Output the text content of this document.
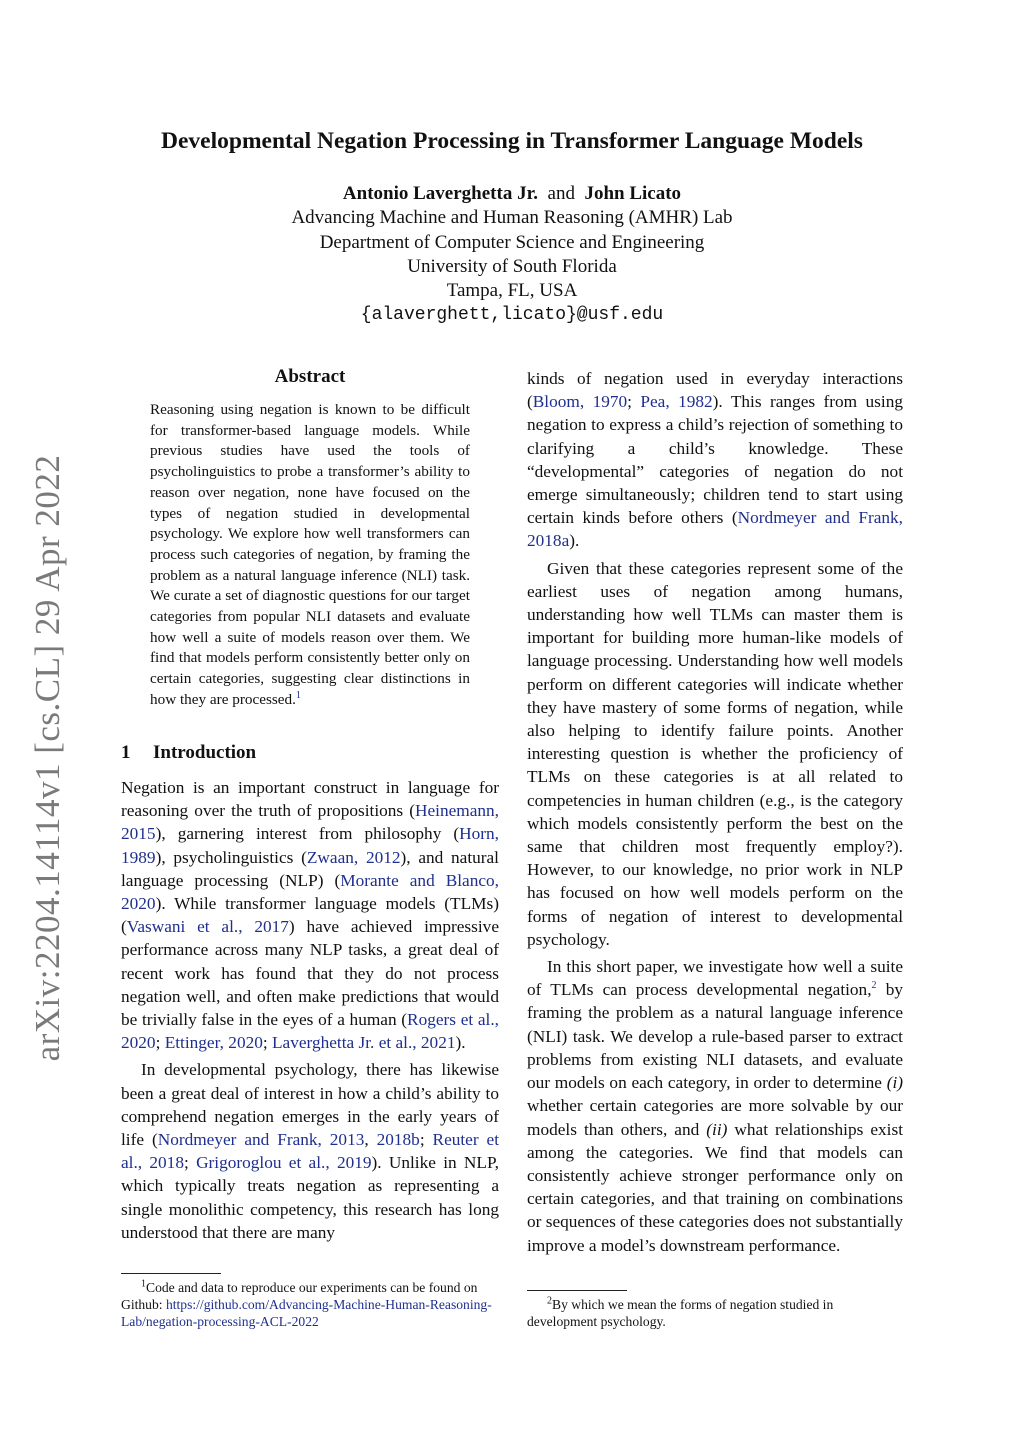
arXiv:2204.14114v1 [cs.CL] 29 Apr 2022
Developmental Negation Processing in Transformer Language Models
Antonio Laverghetta Jr. and John Licato
Advancing Machine and Human Reasoning (AMHR) Lab
Department of Computer Science and Engineering
University of South Florida
Tampa, FL, USA
{alaverghett,licato}@usf.edu
Abstract
Reasoning using negation is known to be difficult for transformer-based language models. While previous studies have used the tools of psycholinguistics to probe a transformer’s ability to reason over negation, none have focused on the types of negation studied in developmental psychology. We explore how well transformers can process such categories of negation, by framing the problem as a natural language inference (NLI) task. We curate a set of diagnostic questions for our target categories from popular NLI datasets and evaluate how well a suite of models reason over them. We find that models perform consistently better only on certain categories, suggesting clear distinctions in how they are processed.$^1$
1 Introduction

Negation is an important construct in language for reasoning over the truth of propositions (Heinemann, 2015), garnering interest from philosophy (Horn, 1989), psycholinguistics (Zwaan, 2012), and natural language processing (NLP) (Morante and Blanco, 2020). While transformer language models (TLMs) (Vaswani et al., 2017) have achieved impressive performance across many NLP tasks, a great deal of recent work has found that they do not process negation well, and often make predictions that would be trivially false in the eyes of a human (Rogers et al., 2020; Ettinger, 2020; Laverghetta Jr. et al., 2021).

In developmental psychology, there has likewise been a great deal of interest in how a child’s ability to comprehend negation emerges in the early years of life (Nordmeyer and Frank, 2013, 2018b; Reuter et al., 2018; Grigoroglou et al., 2019). Unlike in NLP, which typically treats negation as representing a single monolithic competency, this research has long understood that there are many

$^1$Code and data to reproduce our experiments can be found on Github: https://github.com/Advancing-Machine-Human-Reasoning-Lab/negation-processing-ACL-2022

kinds of negation used in everyday interactions (Bloom, 1970; Pea, 1982). This ranges from using negation to express a child’s rejection of something to clarifying a child’s knowledge. These “developmental” categories of negation do not emerge simultaneously; children tend to start using certain kinds before others (Nordmeyer and Frank, 2018a).

Given that these categories represent some of the earliest uses of negation among humans, understanding how well TLMs can master them is important for building more human-like models of language processing. Understanding how well models perform on different categories will indicate whether they have mastery of some forms of negation, while also helping to identify failure points. Another interesting question is whether the proficiency of TLMs on these categories is at all related to competencies in human children (e.g., is the category which models consistently perform the best on the same that children most frequently employ?). However, to our knowledge, no prior work in NLP has focused on how well models perform on the forms of negation of interest to developmental psychology.

In this short paper, we investigate how well a suite of TLMs can process developmental negation,$^2$ by framing the problem as a natural language inference (NLI) task. We develop a rule-based parser to extract problems from existing NLI datasets, and evaluate our models on each category, in order to determine (i) whether certain categories are more solvable by our models than others, and (ii) what relationships exist among the categories. We find that models can consistently achieve stronger performance only on certain categories, and that training on combinations or sequences of these categories does not substantially improve a model’s downstream performance.

$^2$By which we mean the forms of negation studied in development psychology.
